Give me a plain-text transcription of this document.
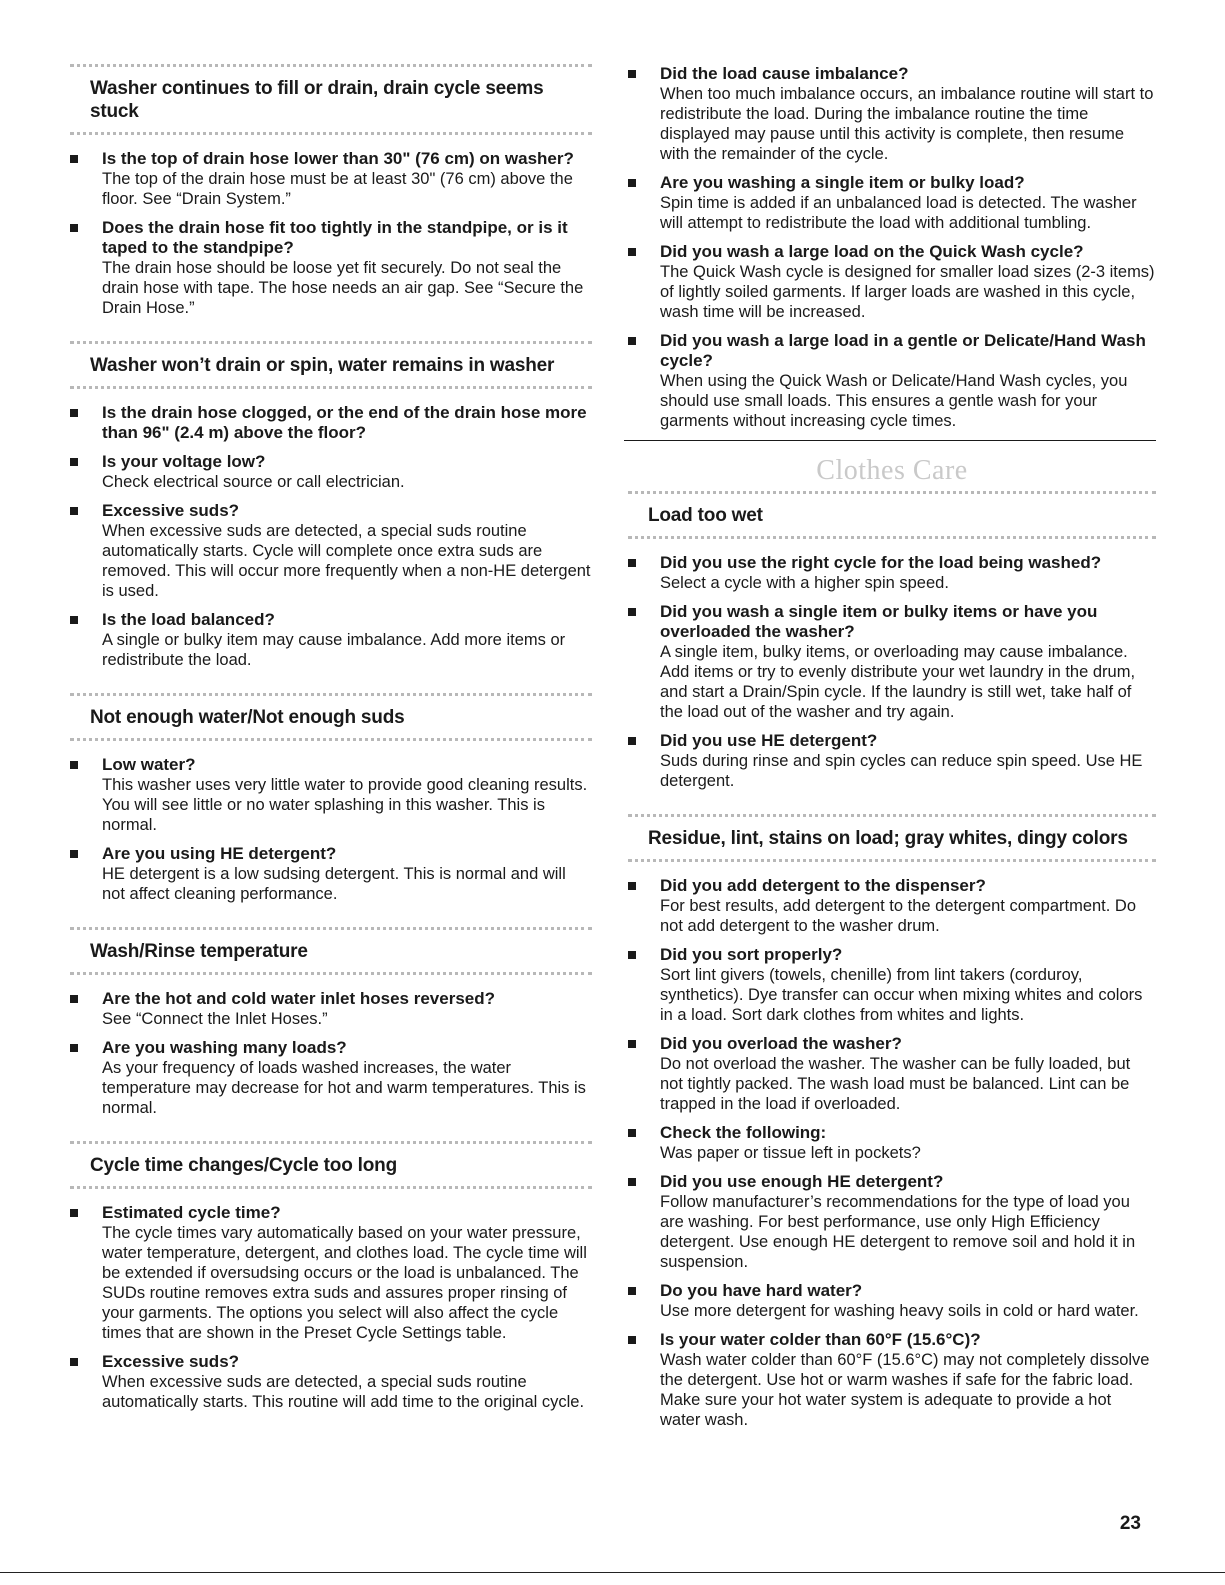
Washer continues to fill or drain, drain cycle seems stuck

Is the top of drain hose lower than 30" (76 cm) on washer?

The top of the drain hose must be at least 30" (76 cm) above the floor. See “Drain System.”

Does the drain hose fit too tightly in the standpipe, or is it taped to the standpipe?

The drain hose should be loose yet fit securely. Do not seal the drain hose with tape. The hose needs an air gap. See “Secure the Drain Hose.”

Washer won’t drain or spin, water remains in washer

Is the drain hose clogged, or the end of the drain hose more than 96" (2.4 m) above the floor?

Is your voltage low?

Check electrical source or call electrician.

Excessive suds?

When excessive suds are detected, a special suds routine automatically starts. Cycle will complete once extra suds are removed. This will occur more frequently when a non-HE detergent is used.

Is the load balanced?

A single or bulky item may cause imbalance. Add more items or redistribute the load.

Not enough water/Not enough suds

Low water?

This washer uses very little water to provide good cleaning results. You will see little or no water splashing in this washer. This is normal.

Are you using HE detergent?

HE detergent is a low sudsing detergent. This is normal and will not affect cleaning performance.

Wash/Rinse temperature

Are the hot and cold water inlet hoses reversed?

See “Connect the Inlet Hoses.”

Are you washing many loads?

As your frequency of loads washed increases, the water temperature may decrease for hot and warm temperatures. This is normal.

Cycle time changes/Cycle too long

Estimated cycle time?

The cycle times vary automatically based on your water pressure, water temperature, detergent, and clothes load. The cycle time will be extended if oversudsing occurs or the load is unbalanced. The SUDs routine removes extra suds and assures proper rinsing of your garments. The options you select will also affect the cycle times that are shown in the Preset Cycle Settings table.

Excessive suds?

When excessive suds are detected, a special suds routine automatically starts. This routine will add time to the original cycle.

Did the load cause imbalance?

When too much imbalance occurs, an imbalance routine will start to redistribute the load. During the imbalance routine the time displayed may pause until this activity is complete, then resume with the remainder of the cycle.

Are you washing a single item or bulky load?

Spin time is added if an unbalanced load is detected. The washer will attempt to redistribute the load with additional tumbling.

Did you wash a large load on the Quick Wash cycle?

The Quick Wash cycle is designed for smaller load sizes (2-3 items) of lightly soiled garments. If larger loads are washed in this cycle, wash time will be increased.

Did you wash a large load in a gentle or Delicate/Hand Wash cycle?

When using the Quick Wash or Delicate/Hand Wash cycles, you should use small loads. This ensures a gentle wash for your garments without increasing cycle times.

Clothes Care
Load too wet

Did you use the right cycle for the load being washed?

Select a cycle with a higher spin speed.

Did you wash a single item or bulky items or have you overloaded the washer?

A single item, bulky items, or overloading may cause imbalance. Add items or try to evenly distribute your wet laundry in the drum, and start a Drain/Spin cycle. If the laundry is still wet, take half of the load out of the washer and try again.

Did you use HE detergent?

Suds during rinse and spin cycles can reduce spin speed. Use HE detergent.

Residue, lint, stains on load; gray whites, dingy colors

Did you add detergent to the dispenser?

For best results, add detergent to the detergent compartment. Do not add detergent to the washer drum.

Did you sort properly?

Sort lint givers (towels, chenille) from lint takers (corduroy, synthetics). Dye transfer can occur when mixing whites and colors in a load. Sort dark clothes from whites and lights.

Did you overload the washer?

Do not overload the washer. The washer can be fully loaded, but not tightly packed. The wash load must be balanced. Lint can be trapped in the load if overloaded.

Check the following:

Was paper or tissue left in pockets?

Did you use enough HE detergent?

Follow manufacturer’s recommendations for the type of load you are washing. For best performance, use only High Efficiency detergent. Use enough HE detergent to remove soil and hold it in suspension.

Do you have hard water?

Use more detergent for washing heavy soils in cold or hard water.

Is your water colder than 60°F (15.6°C)?

Wash water colder than 60°F (15.6°C) may not completely dissolve the detergent. Use hot or warm washes if safe for the fabric load. Make sure your hot water system is adequate to provide a hot water wash.

23
